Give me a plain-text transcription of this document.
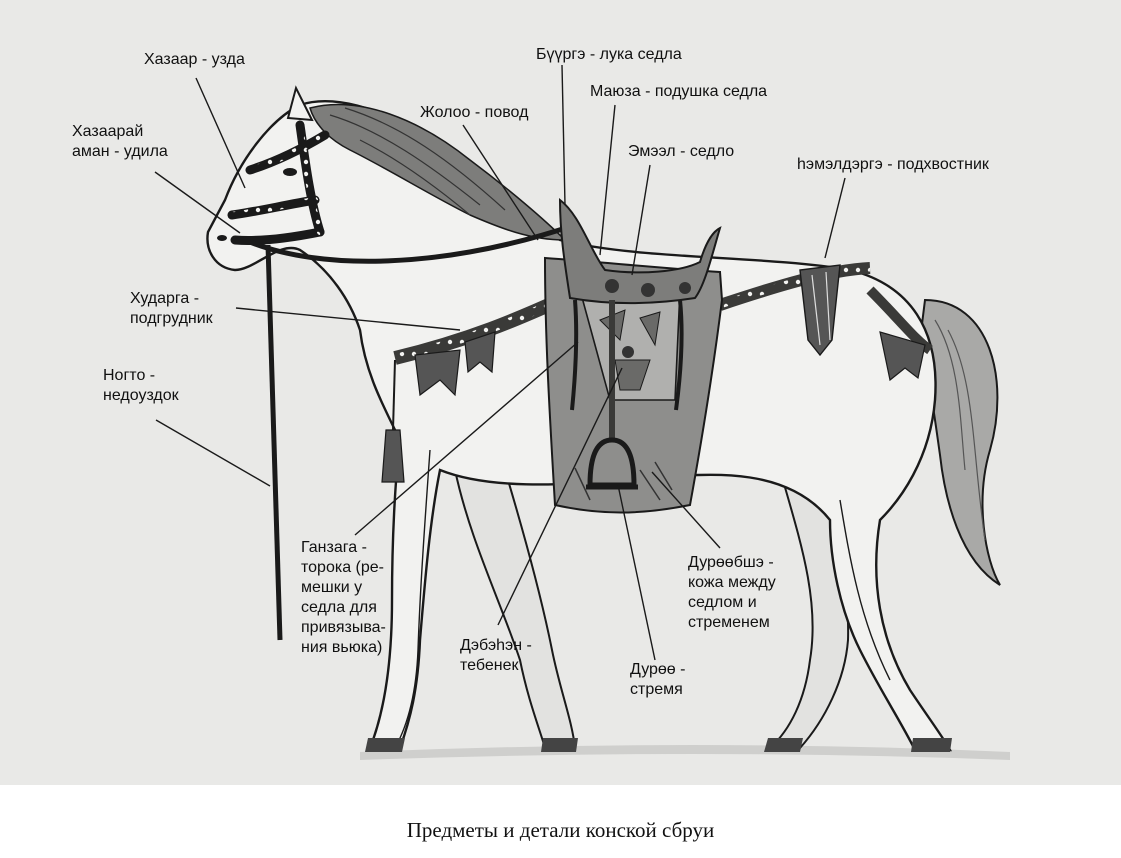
Хазаар - узда
Хазаарай
аман - удила
Хударга -
подгрудник
Ногто -
недоуздок
Жолоо - повод
Бүүргэ - лука седла
Маюза - подушка седла
Эмээл - седло
һэмэлдэргэ - подхвостник
Ганзага -
торока (ре-
мешки у
седла для
привязыва-
ния вьюка)	Дэбэһэн -
тебенек	Дурөө -
стремя
Дурөөбшэ -
кожа между
седлом и
стременем
Предметы и детали конской сбруи
